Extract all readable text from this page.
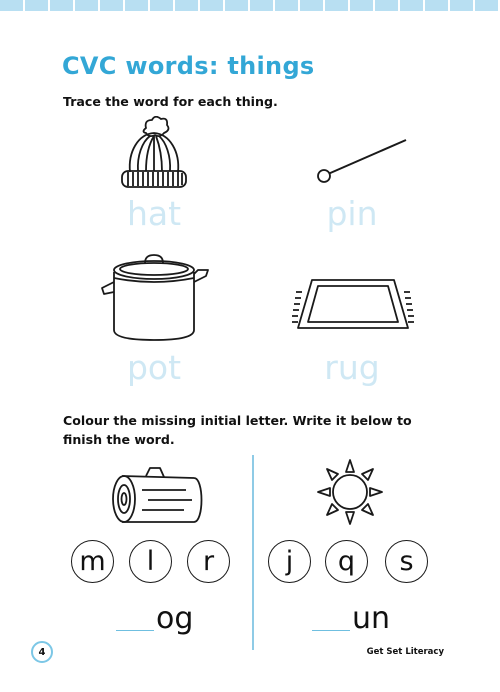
CVC words: things
Trace the word for each thing.
hat	pin
pot	rug
Colour the missing initial letter. Write it below to finish the word.
m	l	r	j	q	s
og	un
4	Get Set Literacy
